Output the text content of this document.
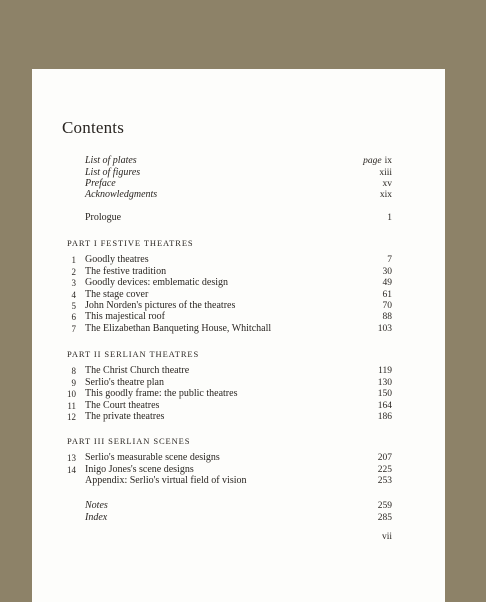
Contents
List of plates	page ix
List of figures	xiii
Preface	xv
Acknowledgments	xix
Prologue	1
PART I FESTIVE THEATRES
1 Goodly theatres	7
2 The festive tradition	30
3 Goodly devices: emblematic design	49
4 The stage cover	61
5 John Norden's pictures of the theatres	70
6 This majestical roof	88
7 The Elizabethan Banqueting House, Whitchall	103
PART II SERLIAN THEATRES
8 The Christ Church theatre	119
9 Serlio's theatre plan	130
10 This goodly frame: the public theatres	150
11 The Court theatres	164
12 The private theatres	186
PART III SERLIAN SCENES
13 Serlio's measurable scene designs	207
14 Inigo Jones's scene designs	225
Appendix: Serlio's virtual field of vision	253
Notes	259
Index	285
vii
